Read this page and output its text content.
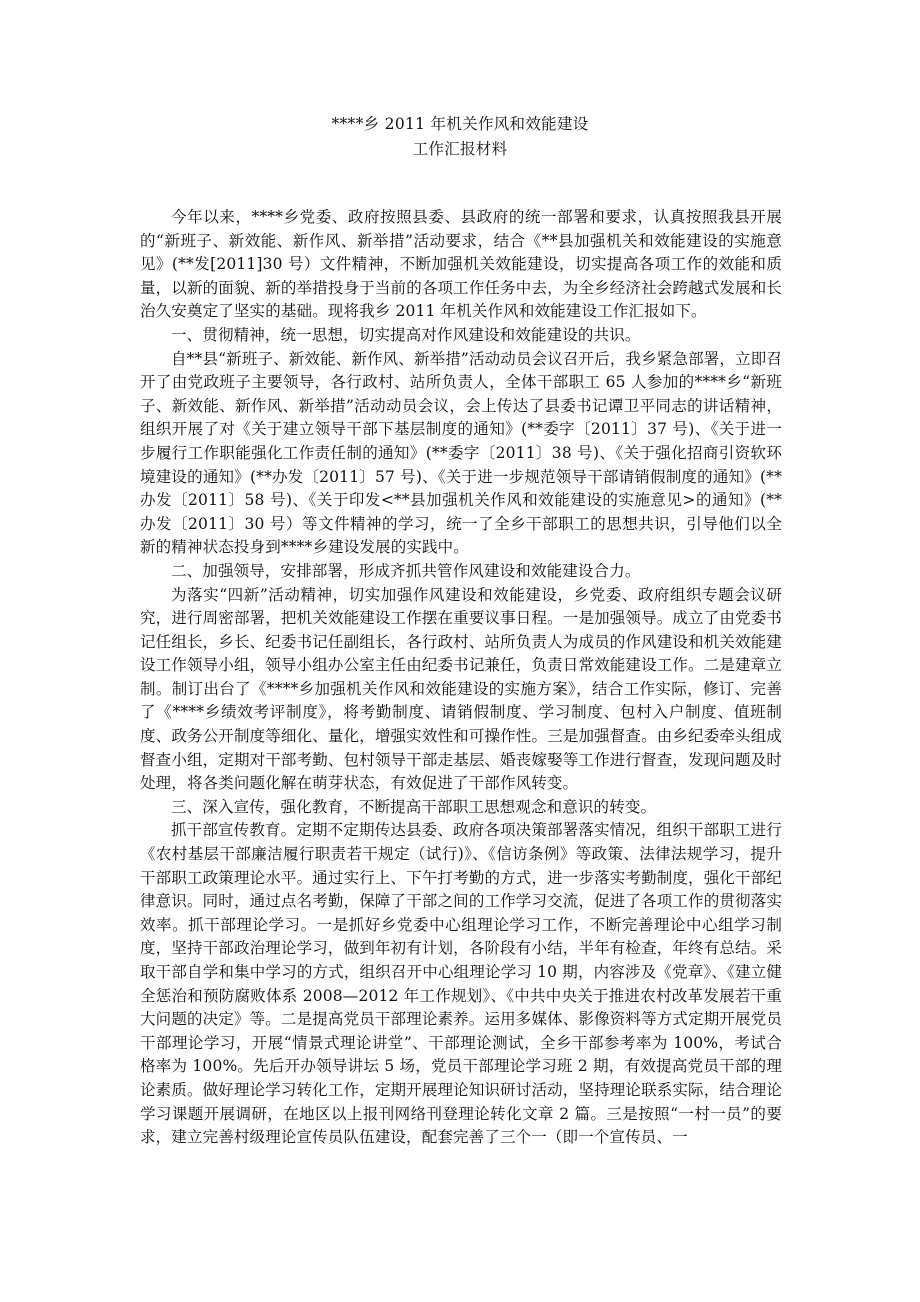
****乡 2011 年机关作风和效能建设
工作汇报材料

今年以来，****乡党委、政府按照县委、县政府的统一部署和要求，认真按照我县开展的“新班子、新效能、新作风、新举措”活动要求，结合《**县加强机关和效能建设的实施意见》(**发[2011]30 号）文件精神，不断加强机关效能建设，切实提高各项工作的效能和质量，以新的面貌、新的举措投身于当前的各项工作任务中去，为全乡经济社会跨越式发展和长治久安奠定了坚实的基础。现将我乡 2011 年机关作风和效能建设工作汇报如下。

一、贯彻精神，统一思想，切实提高对作风建设和效能建设的共识。

自**县“新班子、新效能、新作风、新举措”活动动员会议召开后，我乡紧急部署，立即召开了由党政班子主要领导，各行政村、站所负责人，全体干部职工 65 人参加的****乡“新班子、新效能、新作风、新举措”活动动员会议，会上传达了县委书记谭卫平同志的讲话精神，组织开展了对《关于建立领导干部下基层制度的通知》(**委字〔2011〕37 号)、《关于进一步履行工作职能强化工作责任制的通知》(**委字〔2011〕38 号)、《关于强化招商引资软环境建设的通知》(**办发〔2011〕57 号)、《关于进一步规范领导干部请销假制度的通知》(**办发〔2011〕58 号)、《关于印发<**县加强机关作风和效能建设的实施意见>的通知》(**办发〔2011〕30 号）等文件精神的学习，统一了全乡干部职工的思想共识，引导他们以全新的精神状态投身到****乡建设发展的实践中。

二、加强领导，安排部署，形成齐抓共管作风建设和效能建设合力。

为落实“四新”活动精神，切实加强作风建设和效能建设，乡党委、政府组织专题会议研究，进行周密部署，把机关效能建设工作摆在重要议事日程。一是加强领导。成立了由党委书记任组长，乡长、纪委书记任副组长，各行政村、站所负责人为成员的作风建设和机关效能建设工作领导小组，领导小组办公室主任由纪委书记兼任，负责日常效能建设工作。二是建章立制。制订出台了《****乡加强机关作风和效能建设的实施方案》，结合工作实际，修订、完善了《****乡绩效考评制度》，将考勤制度、请销假制度、学习制度、包村入户制度、值班制度、政务公开制度等细化、量化，增强实效性和可操作性。三是加强督查。由乡纪委牵头组成督查小组，定期对干部考勤、包村领导干部走基层、婚丧嫁娶等工作进行督查，发现问题及时处理，将各类问题化解在萌芽状态，有效促进了干部作风转变。

三、深入宣传，强化教育，不断提高干部职工思想观念和意识的转变。

抓干部宣传教育。定期不定期传达县委、政府各项决策部署落实情况，组织干部职工进行《农村基层干部廉洁履行职责若干规定（试行)》、《信访条例》等政策、法律法规学习，提升干部职工政策理论水平。通过实行上、下午打考勤的方式，进一步落实考勤制度，强化干部纪律意识。同时，通过点名考勤，保障了干部之间的工作学习交流，促进了各项工作的贯彻落实效率。抓干部理论学习。一是抓好乡党委中心组理论学习工作，不断完善理论中心组学习制度，坚持干部政治理论学习，做到年初有计划，各阶段有小结，半年有检查，年终有总结。采取干部自学和集中学习的方式，组织召开中心组理论学习 10 期，内容涉及《党章》、《建立健全惩治和预防腐败体系 2008—2012 年工作规划》、《中共中央关于推进农村改革发展若干重大问题的决定》等。二是提高党员干部理论素养。运用多媒体、影像资料等方式定期开展党员干部理论学习，开展“情景式理论讲堂”、干部理论测试，全乡干部参考率为 100%，考试合格率为 100%。先后开办领导讲坛 5 场，党员干部理论学习班 2 期，有效提高党员干部的理论素质。做好理论学习转化工作，定期开展理论知识研讨活动，坚持理论联系实际，结合理论学习课题开展调研，在地区以上报刊网络刊登理论转化文章 2 篇。三是按照“一村一员”的要求，建立完善村级理论宣传员队伍建设，配套完善了三个一（即一个宣传员、一
